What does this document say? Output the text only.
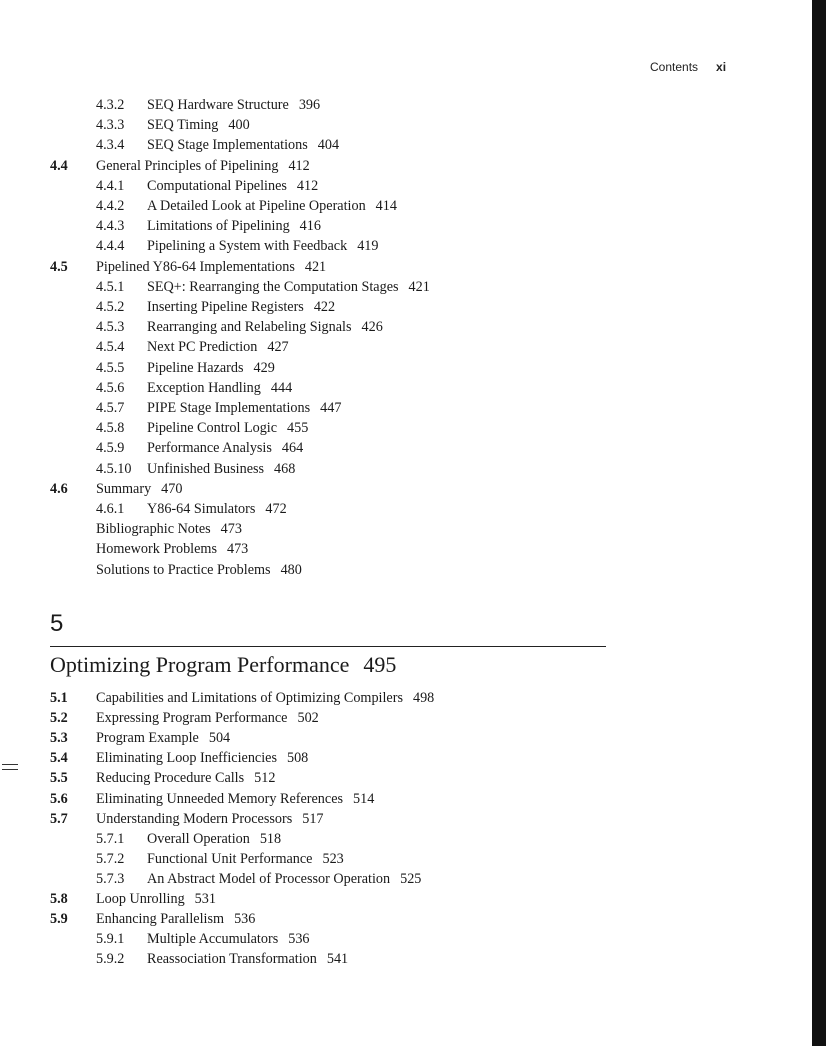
Contents xi
4.3.2 SEQ Hardware Structure 396
4.3.3 SEQ Timing 400
4.3.4 SEQ Stage Implementations 404
4.4 General Principles of Pipelining 412
4.4.1 Computational Pipelines 412
4.4.2 A Detailed Look at Pipeline Operation 414
4.4.3 Limitations of Pipelining 416
4.4.4 Pipelining a System with Feedback 419
4.5 Pipelined Y86-64 Implementations 421
4.5.1 SEQ+: Rearranging the Computation Stages 421
4.5.2 Inserting Pipeline Registers 422
4.5.3 Rearranging and Relabeling Signals 426
4.5.4 Next PC Prediction 427
4.5.5 Pipeline Hazards 429
4.5.6 Exception Handling 444
4.5.7 PIPE Stage Implementations 447
4.5.8 Pipeline Control Logic 455
4.5.9 Performance Analysis 464
4.5.10 Unfinished Business 468
4.6 Summary 470
4.6.1 Y86-64 Simulators 472
Bibliographic Notes 473
Homework Problems 473
Solutions to Practice Problems 480
5
Optimizing Program Performance 495
5.1 Capabilities and Limitations of Optimizing Compilers 498
5.2 Expressing Program Performance 502
5.3 Program Example 504
5.4 Eliminating Loop Inefficiencies 508
5.5 Reducing Procedure Calls 512
5.6 Eliminating Unneeded Memory References 514
5.7 Understanding Modern Processors 517
5.7.1 Overall Operation 518
5.7.2 Functional Unit Performance 523
5.7.3 An Abstract Model of Processor Operation 525
5.8 Loop Unrolling 531
5.9 Enhancing Parallelism 536
5.9.1 Multiple Accumulators 536
5.9.2 Reassociation Transformation 541
